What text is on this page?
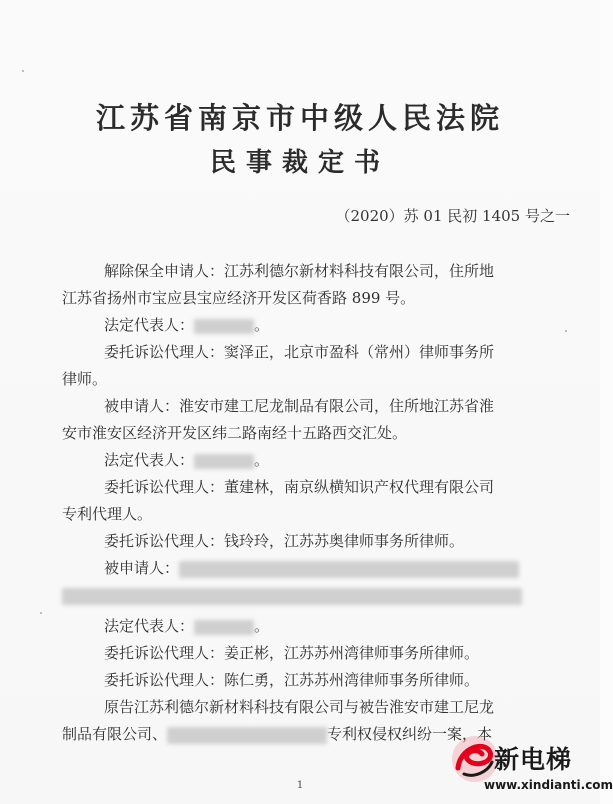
江苏省南京市中级人民法院
民事裁定书
（2020）苏 01 民初 1405 号之一
解除保全申请人：江苏利德尔新材料科技有限公司，住所地
江苏省扬州市宝应县宝应经济开发区荷香路 899 号。
法定代表人：	。
委托诉讼代理人：窦泽正，北京市盈科（常州）律师事务所
律师。
被申请人：淮安市建工尼龙制品有限公司，住所地江苏省淮
安市淮安区经济开发区纬二路南经十五路西交汇处。
法定代表人：	。
委托诉讼代理人：董建林，南京纵横知识产权代理有限公司
专利代理人。
委托诉讼代理人：钱玲玲，江苏苏奥律师事务所律师。
被申请人：
法定代表人：	。
委托诉讼代理人：姜正彬，江苏苏州湾律师事务所律师。
委托诉讼代理人：陈仁勇，江苏苏州湾律师事务所律师。
原告江苏利德尔新材料科技有限公司与被告淮安市建工尼龙
制品有限公司、	专利权侵权纠纷一案，本
1
新电梯
www.xindianti.com
